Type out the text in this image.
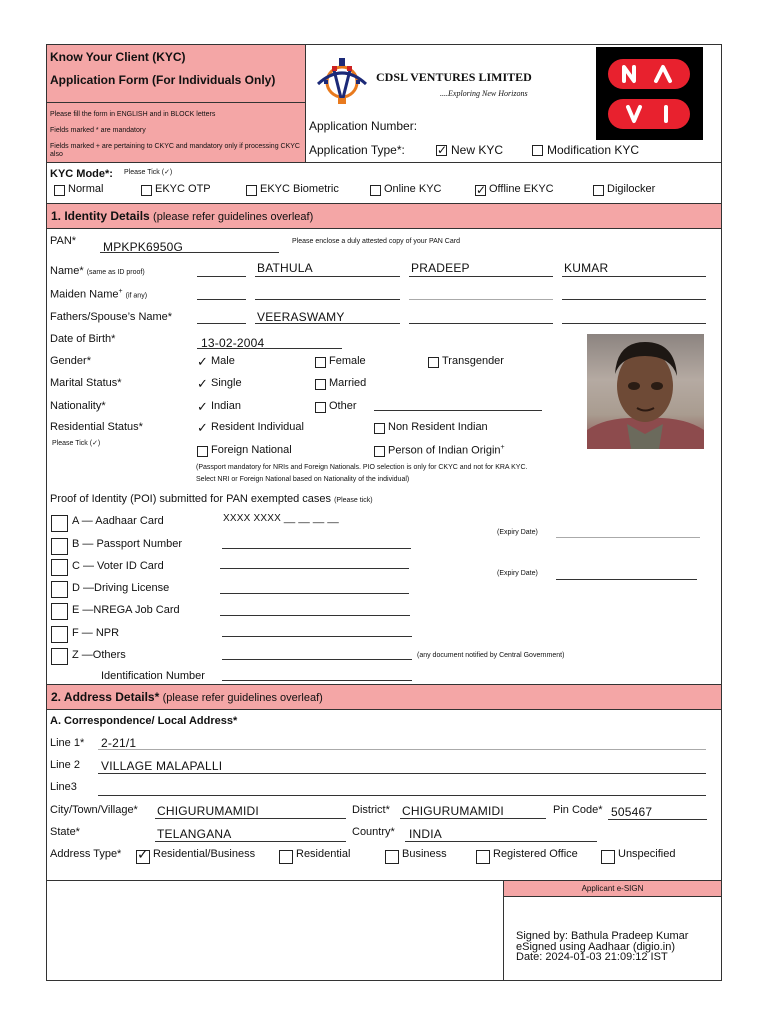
Know Your Client (KYC)
Application Form (For Individuals Only)
Please fill the form in ENGLISH and in BLOCK letters
Fields marked * are mandatory
Fields marked + are pertaining to CKYC and mandatory only if processing CKYC also
CDSL VENTURES LIMITED
....Exploring New Horizons
Application Number:
Application Type*:	✓ New KYC	Modification KYC
KYC Mode*: Please Tick (✓)
Normal	EKYC OTP	EKYC Biometric	Online KYC	✓ Offline EKYC	Digilocker
1. Identity Details (please refer guidelines overleaf)
PAN* MPKPK6950G	Please enclose a duly attested copy of your PAN Card
Name* (same as ID proof)	BATHULA	PRADEEP	KUMAR
Maiden Name+ (if any)
Fathers/Spouse’s Name*	VEERASWAMY
Date of Birth*	13-02-2004
Gender*	✓ Male	Female	Transgender
Marital Status*	✓ Single	Married
Nationality*	✓ Indian	Other
Residential Status*
Please Tick (✓)
✓ Resident Individual	Non Resident Indian
Foreign National	Person of Indian Origin+
(Passport mandatory for NRIs and Foreign Nationals. PIO selection is only for CKYC and not for KRA KYC.
Select NRI or Foreign National based on Nationality of the individual)
Proof of Identity (POI) submitted for PAN exempted cases (Please tick)
A — Aadhaar Card	XXXX XXXX __ __ __ __
B — Passport Number
(Expiry Date)
C — Voter ID Card
D —Driving License
(Expiry Date)
E —NREGA Job Card
F — NPR
Z —Others	(any document notified by Central Government)
Identification Number
2. Address Details* (please refer guidelines overleaf)
A. Correspondence/ Local Address*
Line 1* 2-21/1
Line 2 VILLAGE MALAPALLI
Line3
City/Town/Village* CHIGURUMAMIDI	District* CHIGURUMAMIDI	Pin Code* 505467
State*	TELANGANA	Country* INDIA
Address Type* ✓ Residential/Business	Residential	Business	Registered Office	Unspecified
Applicant e-SIGN
Signed by: Bathula Pradeep Kumar
eSigned using Aadhaar (digio.in)
Date: 2024-01-03 21:09:12 IST
